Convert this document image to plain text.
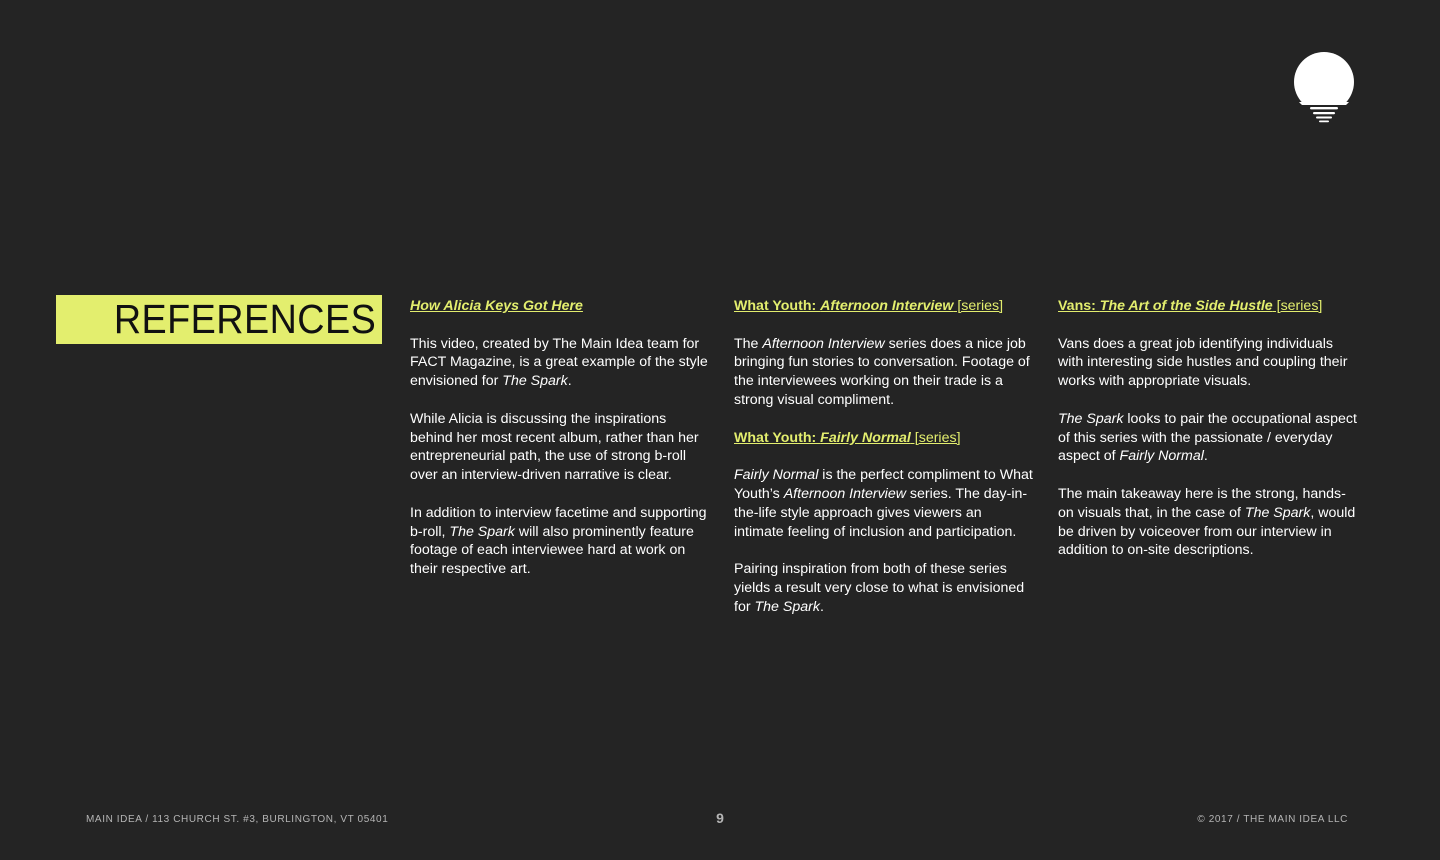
REFERENCES How Alicia Keys Got Here

This video, created by The Main Idea team for FACT Magazine, is a great example of the style envisioned for The Spark.

While Alicia is discussing the inspirations behind her most recent album, rather than her entrepreneurial path, the use of strong b-roll over an interview-driven narrative is clear.

In addition to interview facetime and supporting b-roll, The Spark will also prominently feature footage of each interviewee hard at work on their respective art.

What Youth: Afternoon Interview [series]

The Afternoon Interview series does a nice job bringing fun stories to conversation. Footage of the interviewees working on their trade is a strong visual compliment.

What Youth: Fairly Normal [series]

Fairly Normal is the perfect compliment to What Youth’s Afternoon Interview series. The day-in-the-life style approach gives viewers an intimate feeling of inclusion and participation.

Pairing inspiration from both of these series yields a result very close to what is envisioned for The Spark.

Vans: The Art of the Side Hustle [series]

Vans does a great job identifying individuals with interesting side hustles and coupling their works with appropriate visuals.

The Spark looks to pair the occupational aspect of this series with the passionate / everyday aspect of Fairly Normal.

The main takeaway here is the strong, hands-on visuals that, in the case of The Spark, would be driven by voiceover from our interview in addition to on-site descriptions.

MAIN IDEA / 113 CHURCH ST. #3, BURLINGTON, VT 05401	9	© 2017 / THE MAIN IDEA LLC
